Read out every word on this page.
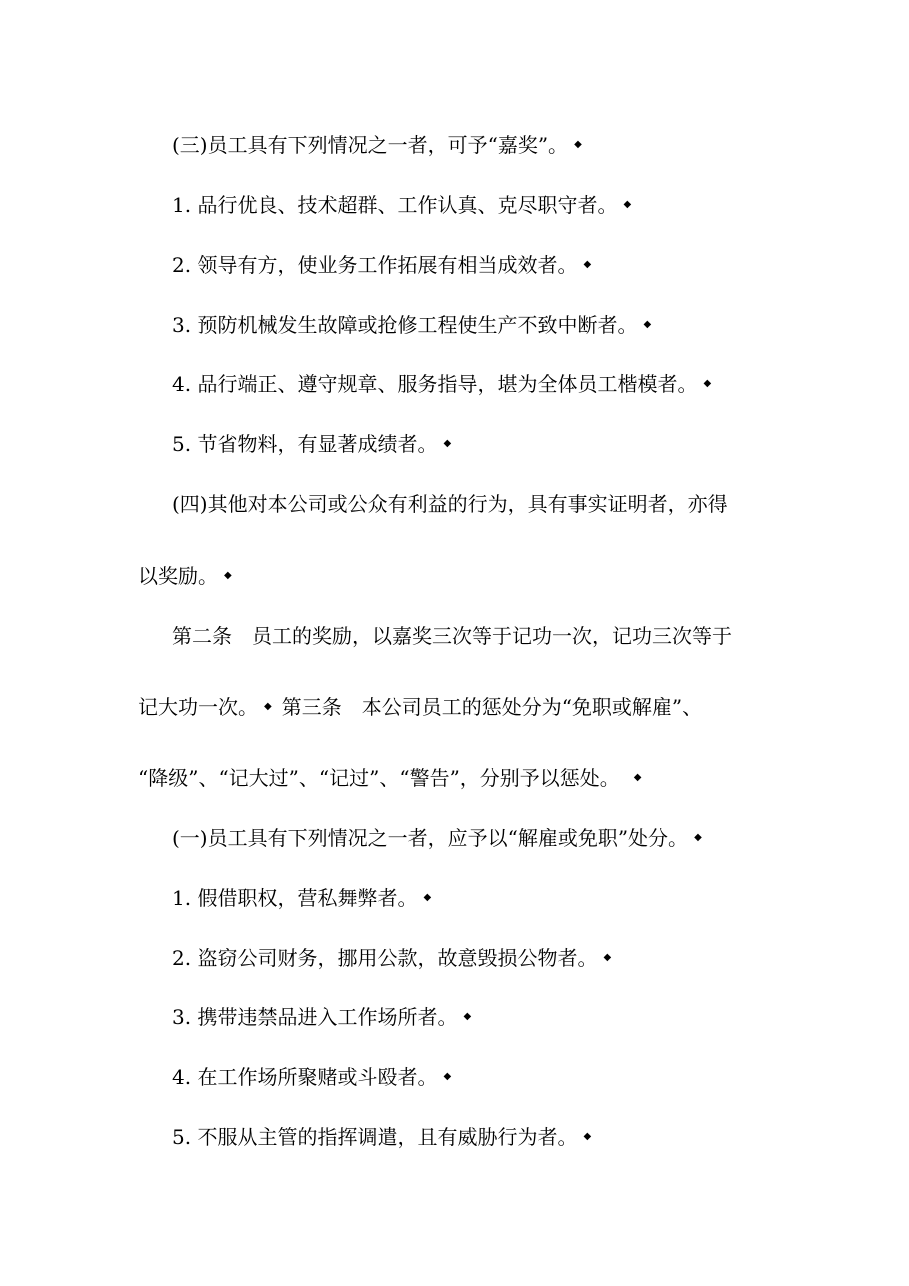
(三)员工具有下列情况之一者，可予“嘉奖”。 ◆
1. 品行优良、技术超群、工作认真、克尽职守者。 ◆
2. 领导有方，使业务工作拓展有相当成效者。 ◆
3. 预防机械发生故障或抢修工程使生产不致中断者。 ◆
4. 品行端正、遵守规章、服务指导，堪为全体员工楷模者。 ◆
5. 节省物料，有显著成绩者。 ◆
(四)其他对本公司或公众有利益的行为，具有事实证明者，亦得
以奖励。 ◆
第二条　员工的奖励，以嘉奖三次等于记功一次，记功三次等于
记大功一次。 ◆ 第三条　本公司员工的惩处分为“免职或解雇”、
“降级”、“记大过”、“记过”、“警告”，分别予以惩处。 ◆
(一)员工具有下列情况之一者，应予以“解雇或免职”处分。 ◆
1. 假借职权，营私舞弊者。 ◆
2. 盗窃公司财务，挪用公款，故意毁损公物者。 ◆
3. 携带违禁品进入工作场所者。 ◆
4. 在工作场所聚赌或斗殴者。 ◆
5. 不服从主管的指挥调遣，且有威胁行为者。 ◆
